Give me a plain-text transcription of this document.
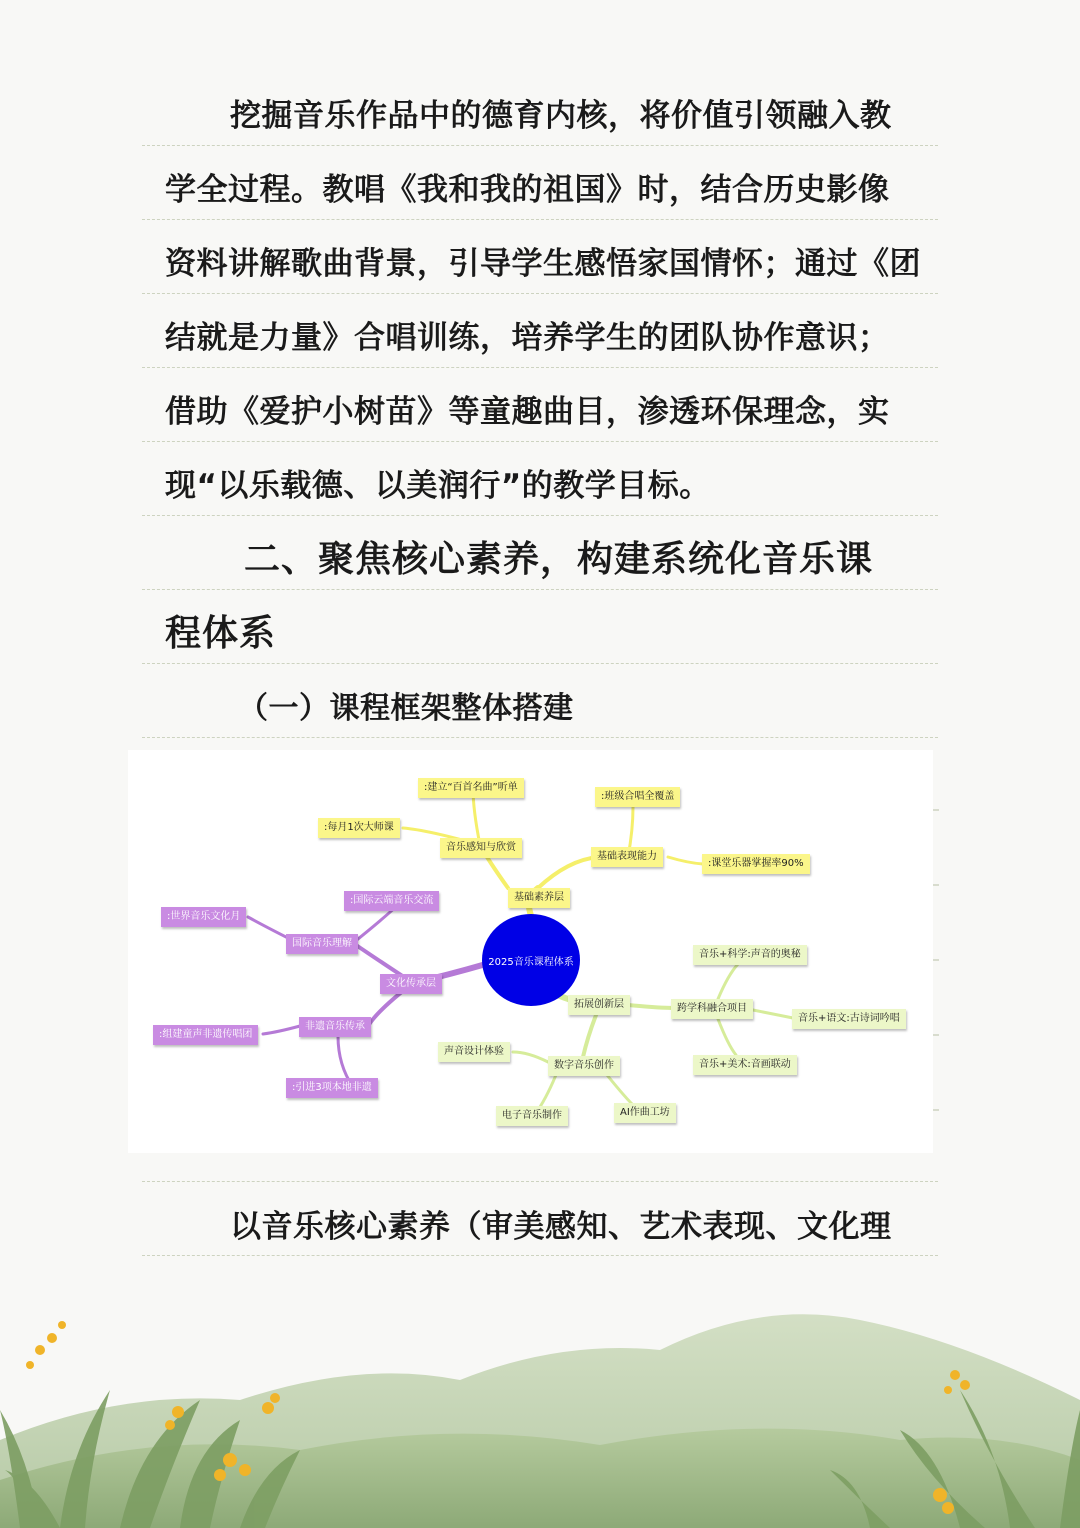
挖掘音乐作品中的德育内核，将价值引领融入教
学全过程。教唱《我和我的祖国》时，结合历史影像
资料讲解歌曲背景，引导学生感悟家国情怀；通过《团
结就是力量》合唱训练，培养学生的团队协作意识；
借助《爱护小树苗》等童趣曲目，渗透环保理念，实
现“以乐载德、以美润行”的教学目标。
二、聚焦核心素养，构建系统化音乐课
程体系
（一）课程框架整体搭建
2025音乐课程体系
基础素养层
音乐感知与欣赏
:建立“百首名曲”听单
:每月1次大师课
基础表现能力
:班级合唱全覆盖
:课堂乐器掌握率90%
文化传承层
国际音乐理解
:国际云端音乐交流
:世界音乐文化月
非遗音乐传承
:组建童声非遗传唱团
:引进3项本地非遗
拓展创新层	跨学科融合项目
音乐+科学:声音的奥秘
音乐+语文:古诗词吟唱
音乐+美术:音画联动
数字音乐创作
声音设计体验
电子音乐制作	AI作曲工坊
以音乐核心素养（审美感知、艺术表现、文化理
